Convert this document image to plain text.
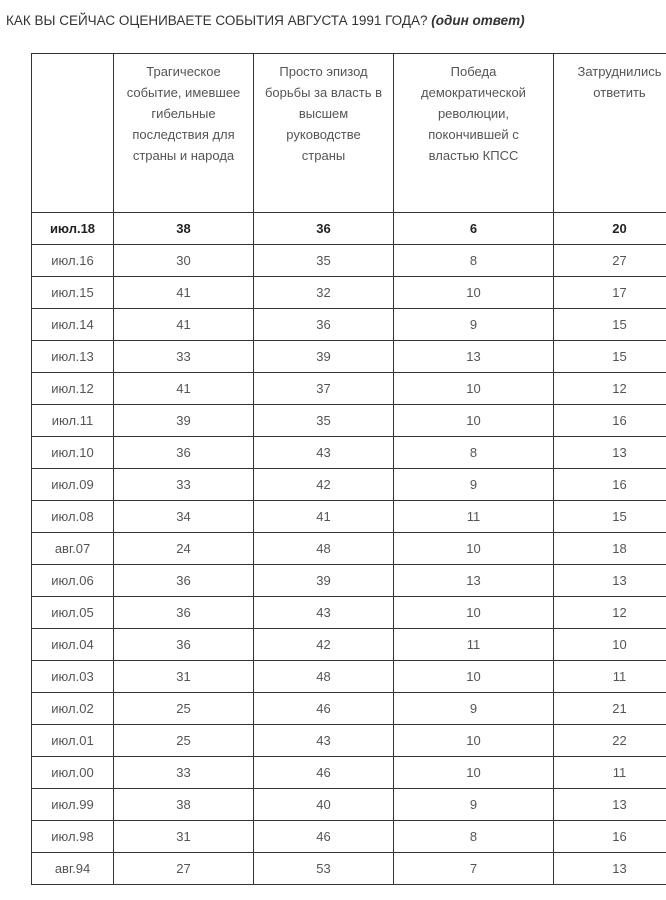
КАК ВЫ СЕЙЧАС ОЦЕНИВАЕТЕ СОБЫТИЯ АВГУСТА 1991 ГОДА? (один ответ)
	Трагическое событие, имевшее гибельные последствия для страны и народа	Просто эпизод борьбы за власть в высшем руководстве страны	Победа демократической революции, покончившей с властью КПСС	Затруднились ответить
июл.18	38	36	6	20
июл.16	30	35	8	27
июл.15	41	32	10	17
июл.14	41	36	9	15
июл.13	33	39	13	15
июл.12	41	37	10	12
июл.11	39	35	10	16
июл.10	36	43	8	13
июл.09	33	42	9	16
июл.08	34	41	11	15
авг.07	24	48	10	18
июл.06	36	39	13	13
июл.05	36	43	10	12
июл.04	36	42	11	10
июл.03	31	48	10	11
июл.02	25	46	9	21
июл.01	25	43	10	22
июл.00	33	46	10	11
июл.99	38	40	9	13
июл.98	31	46	8	16
авг.94	27	53	7	13
